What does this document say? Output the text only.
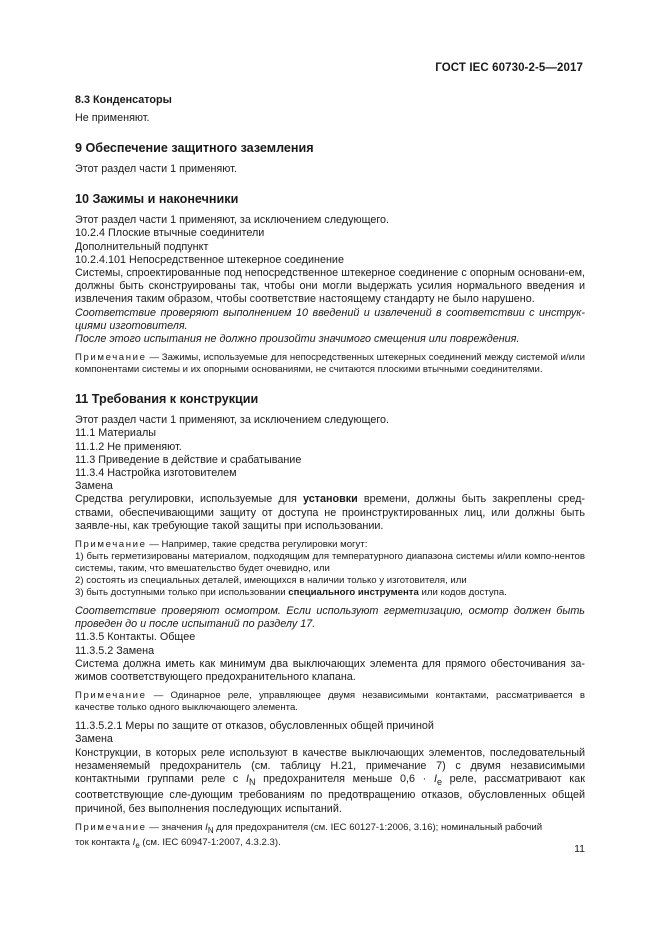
ГОСТ IEC 60730-2-5—2017

8.3 Конденсаторы

Не применяют.

9 Обеспечение защитного заземления

Этот раздел части 1 применяют.

10 Зажимы и наконечники

Этот раздел части 1 применяют, за исключением следующего.

10.2.4 Плоские втычные соединители

Дополнительный подпункт

10.2.4.101 Непосредственное штекерное соединение

Системы, спроектированные под непосредственное штекерное соединение с опорным основани-ем, должны быть сконструированы так, чтобы они могли выдержать усилия нормального введения и извлечения таким образом, чтобы соответствие настоящему стандарту не было нарушено.

Соответствие проверяют выполнением 10 введений и извлечений в соответствии с инструк-циями изготовителя.

После этого испытания не должно произойти значимого смещения или повреждения.

Примечание — Зажимы, используемые для непосредственных штекерных соединений между системой и/или компонентами системы и их опорными основаниями, не считаются плоскими втычными соединителями.

11 Требования к конструкции

Этот раздел части 1 применяют, за исключением следующего.

11.1 Материалы

11.1.2 Не применяют.

11.3 Приведение в действие и срабатывание

11.3.4 Настройка изготовителем

Замена

Средства регулировки, используемые для установки времени, должны быть закреплены сред-ствами, обеспечивающими защиту от доступа не проинструктированных лиц, или должны быть заявле-ны, как требующие такой защиты при использовании.

Примечание — Например, такие средства регулировки могут:

1) быть герметизированы материалом, подходящим для температурного диапазона системы и/или компо-нентов системы, таким, что вмешательство будет очевидно, или

2) состоять из специальных деталей, имеющихся в наличии только у изготовителя, или

3) быть доступными только при использовании специального инструмента или кодов доступа.

Соответствие проверяют осмотром. Если используют герметизацию, осмотр должен быть проведен до и после испытаний по разделу 17.

11.3.5 Контакты. Общее

11.3.5.2 Замена

Система должна иметь как минимум два выключающих элемента для прямого обесточивания за-жимов соответствующего предохранительного клапана.

Примечание — Одинарное реле, управляющее двумя независимыми контактами, рассматривается в качестве только одного выключающего элемента.

11.3.5.2.1 Меры по защите от отказов, обусловленных общей причиной

Замена

Конструкции, в которых реле используют в качестве выключающих элементов, последовательный незаменяемый предохранитель (см. таблицу Н.21, примечание 7) с двумя независимыми контактными группами реле с $I_N$ предохранителя меньше $0,6 \cdot I_e$ реле, рассматривают как соответствующие сле-дующим требованиям по предотвращению отказов, обусловленных общей причиной, без выполнения последующих испытаний.

Примечание — значения $I_N$ для предохранителя (см. IEC 60127-1:2006, 3.16); номинальный рабочий
ток контакта $I_e$ (см. IEC 60947-1:2007, 4.3.2.3).

11
